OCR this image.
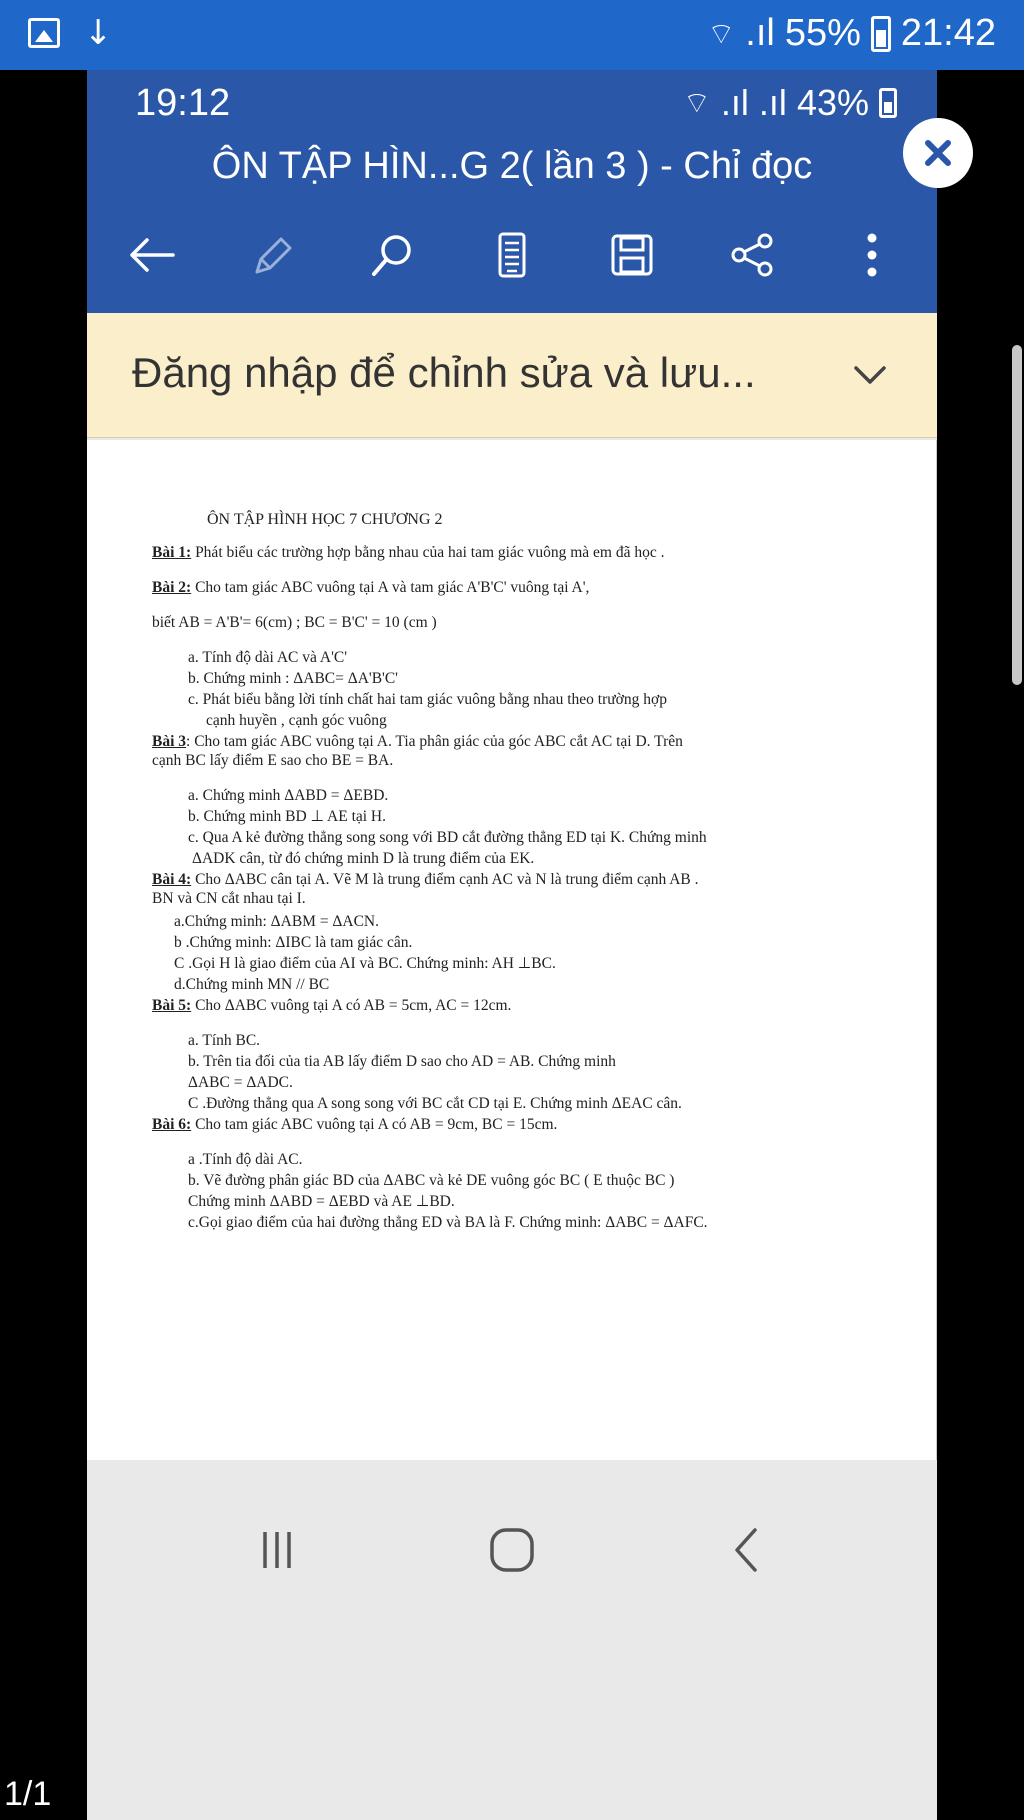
↓	⌔ .ıl 55% 21:42
19:12	⌔ .ıl .ıl 43%
ÔN TẬP HÌN...G 2( lần 3 ) - Chỉ đọc
Đăng nhập để chỉnh sửa và lưu...

ÔN TẬP HÌNH HỌC 7 CHƯƠNG 2

Bài 1: Phát biểu các trường hợp bằng nhau của hai tam giác vuông mà em đã học .

Bài 2: Cho tam giác ABC vuông tại A và tam giác A'B'C' vuông tại A',

biết AB = A'B'= 6(cm) ; BC = B'C' = 10 (cm )

a. Tính độ dài AC và A'C'

b. Chứng minh : ΔABC= ΔA'B'C'

c. Phát biểu bằng lời tính chất hai tam giác vuông bằng nhau theo trường hợp

cạnh huyền , cạnh góc vuông

Bài 3: Cho tam giác ABC vuông tại A. Tia phân giác của góc ABC cắt AC tại D. Trên

cạnh BC lấy điểm E sao cho BE = BA.

a. Chứng minh ΔABD = ΔEBD.

b. Chứng minh BD ⊥ AE tại H.

c. Qua A kẻ đường thẳng song song với BD cắt đường thẳng ED tại K. Chứng minh

ΔADK cân, từ đó chứng minh D là trung điểm của EK.

Bài 4: Cho ΔABC cân tại A. Vẽ M là trung điểm cạnh AC và N là trung điểm cạnh AB .

BN và CN cắt nhau tại I.

a.Chứng minh: ΔABM = ΔACN.

b .Chứng minh: ΔIBC là tam giác cân.

C .Gọi H là giao điểm của AI và BC. Chứng minh: AH ⊥BC.

d.Chứng minh MN // BC

Bài 5: Cho ΔABC vuông tại A có AB = 5cm, AC = 12cm.

a. Tính BC.

b. Trên tia đối của tia AB lấy điểm D sao cho AD = AB. Chứng minh

ΔABC = ΔADC.

C .Đường thẳng qua A song song với BC cắt CD tại E. Chứng minh ΔEAC cân.

Bài 6: Cho tam giác ABC vuông tại A có AB = 9cm, BC = 15cm.

a .Tính độ dài AC.

b. Vẽ đường phân giác BD của ΔABC và kẻ DE vuông góc BC ( E thuộc BC )

Chứng minh ΔABD = ΔEBD và AE ⊥BD.

c.Gọi giao điểm của hai đường thẳng ED và BA là F. Chứng minh: ΔABC = ΔAFC.

1/1
